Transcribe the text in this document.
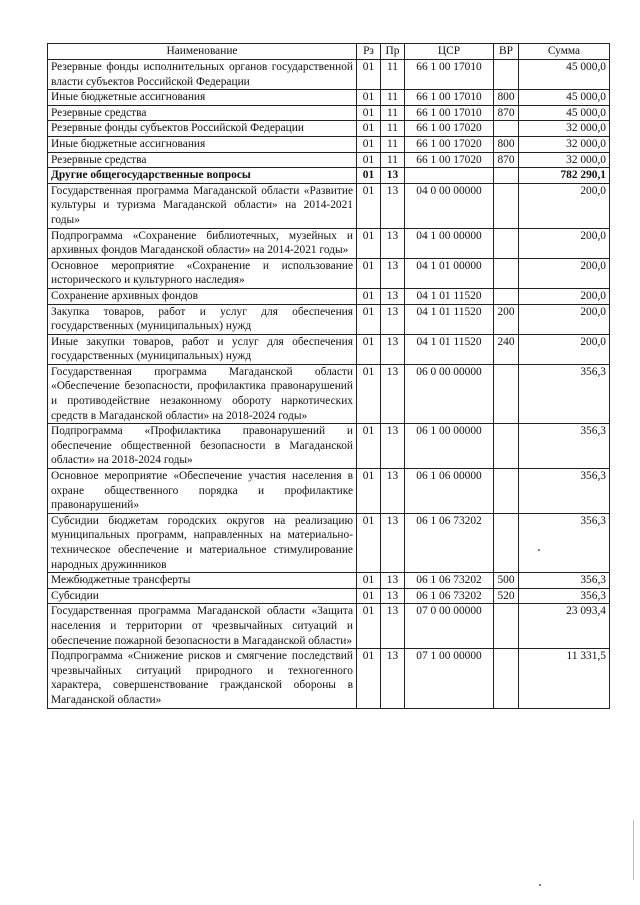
Наименование	Рз	Пр	ЦСР	ВР	Сумма
Резервные фонды исполнительных органов государственной власти субъектов Российской Федерации	01	11	66 1 00 17010		45 000,0
Иные бюджетные ассигнования	01	11	66 1 00 17010	800	45 000,0
Резервные средства	01	11	66 1 00 17010	870	45 000,0
Резервные фонды субъектов Российской Федерации	01	11	66 1 00 17020		32 000,0
Иные бюджетные ассигнования	01	11	66 1 00 17020	800	32 000,0
Резервные средства	01	11	66 1 00 17020	870	32 000,0
Другие общегосударственные вопросы	01	13			782 290,1
Государственная программа Магаданской области «Развитие культуры и туризма Магаданской области» на 2014-2021 годы»	01	13	04 0 00 00000		200,0
Подпрограмма «Сохранение библиотечных, музейных и архивных фондов Магаданской области» на 2014-2021 годы»	01	13	04 1 00 00000		200,0
Основное мероприятие «Сохранение и использование исторического и культурного наследия»	01	13	04 1 01 00000		200,0
Сохранение архивных фондов	01	13	04 1 01 11520		200,0
Закупка товаров, работ и услуг для обеспечения государственных (муниципальных) нужд	01	13	04 1 01 11520	200	200,0
Иные закупки товаров, работ и услуг для обеспечения государственных (муниципальных) нужд	01	13	04 1 01 11520	240	200,0
Государственная программа Магаданской области «Обеспечение безопасности, профилактика правонарушений и противодействие незаконному обороту наркотических средств в Магаданской области» на 2018-2024 годы»	01	13	06 0 00 00000		356,3
Подпрограмма «Профилактика правонарушений и обеспечение общественной безопасности в Магаданской области» на 2018-2024 годы»	01	13	06 1 00 00000		356,3
Основное мероприятие «Обеспечение участия населения в охране общественного порядка и профилактике правонарушений»	01	13	06 1 06 00000		356,3
Субсидии бюджетам городских округов на реализацию муниципальных программ, направленных на материально-техническое обеспечение и материальное стимулирование народных дружинников	01	13	06 1 06 73202		356,3
Межбюджетные трансферты	01	13	06 1 06 73202	500	356,3
Субсидии	01	13	06 1 06 73202	520	356,3
Государственная программа Магаданской области «Защита населения и территории от чрезвычайных ситуаций и обеспечение пожарной безопасности в Магаданской области»	01	13	07 0 00 00000		23 093,4
Подпрограмма «Снижение рисков и смягчение последствий чрезвычайных ситуаций природного и техногенного характера, совершенствование гражданской обороны в Магаданской области»	01	13	07 1 00 00000		11 331,5
